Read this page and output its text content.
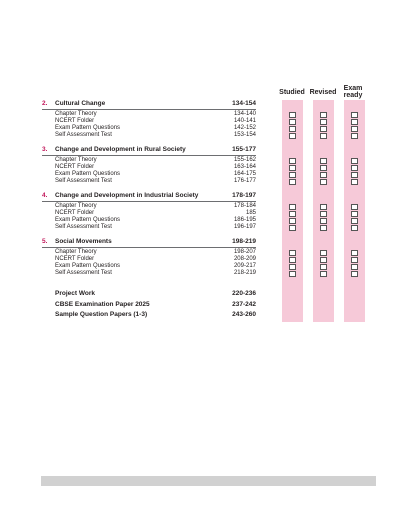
Studied Revised
Exam ready
2. Cultural Change	134-154
Chapter Theory	134-140
NCERT Folder	140-141
Exam Pattern Questions	142-152
Self Assessment Test	153-154
3. Change and Development in Rural Society	155-177
Chapter Theory	155-162
NCERT Folder	163-164
Exam Pattern Questions	164-175
Self Assessment Test	176-177
4. Change and Development in Industrial Society	178-197
Chapter Theory	178-184
NCERT Folder	185
Exam Pattern Questions	186-195
Self Assessment Test	196-197
5. Social Movements	198-219
Chapter Theory	198-207
NCERT Folder	208-209
Exam Pattern Questions	209-217
Self Assessment Test	218-219
Project Work	220-236
CBSE Examination Paper 2025	237-242
Sample Question Papers (1-3)	243-260
